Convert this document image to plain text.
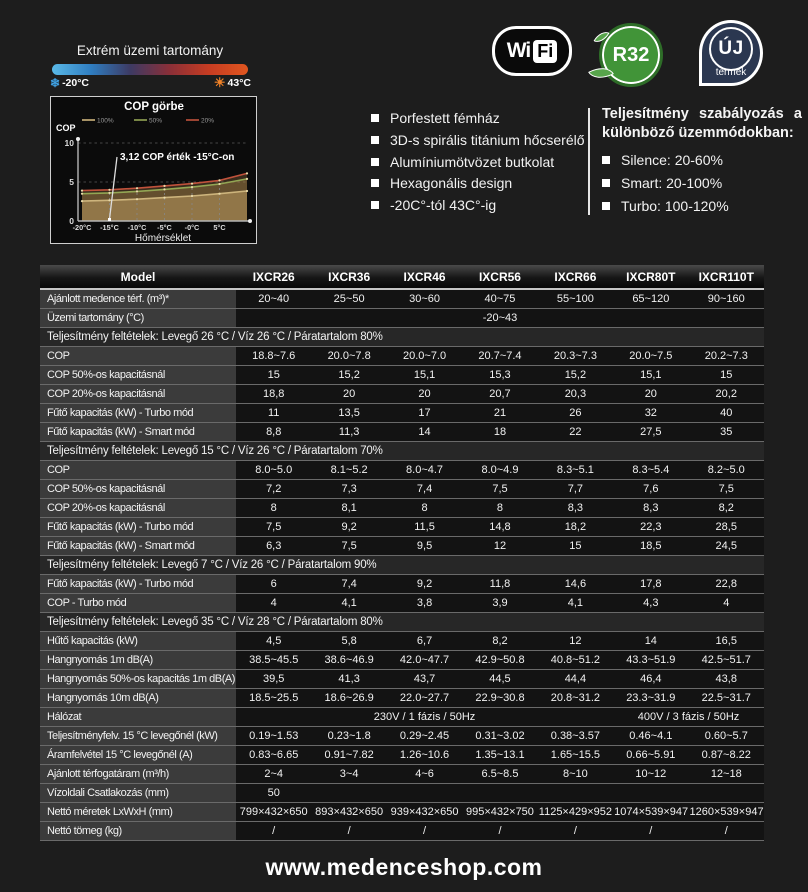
Extrém üzemi tartomány
❄ -20°C	☀ 43°C
COP görbe
100%	50%	20%
0
5
10
COP
-20°C -15°C -10°C -5°C -0°C 5°C
Hőmérséklet
3,12 COP érték -15°C-on
Porfestett fémház
3D-s spirális titánium hőcserélő
Alumíniumötvözet butkolat
Hexagonális design
-20C°-tól 43C°-ig
Teljesítmény szabályozás a
különböző üzemmódokban:
Silence: 20-60%
Smart: 20-100%
Turbo: 100-120%
Wi Fi	R32	ÚJ
termék
Model	IXCR26	IXCR36	IXCR46	IXCR56	IXCR66	IXCR80T	IXCR110T
Ajánlott medence térf. (m³)*	20~40	25~50	30~60	40~75	55~100	65~120	90~160
Üzemi tartomány (°C)	-20~43						
Teljesítmény feltételek: Levegő 26 °C / Víz 26 °C / Páratartalom 80%							
COP	18.8~7.6	20.0~7.8	20.0~7.0	20.7~7.4	20.3~7.3	20.0~7.5	20.2~7.3
COP 50%-os kapacitásnál	15	15,2	15,1	15,3	15,2	15,1	15
COP 20%-os kapacitásnál	18,8	20	20	20,7	20,3	20	20,2
Fűtő kapacitás (kW) - Turbo mód	11	13,5	17	21	26	32	40
Fűtő kapacitás (kW) - Smart mód	8,8	11,3	14	18	22	27,5	35
Teljesítmény feltételek: Levegő 15 °C / Víz 26 °C / Páratartalom 70%							
COP	8.0~5.0	8.1~5.2	8.0~4.7	8.0~4.9	8.3~5.1	8.3~5.4	8.2~5.0
COP 50%-os kapacitásnál	7,2	7,3	7,4	7,5	7,7	7,6	7,5
COP 20%-os kapacitásnál	8	8,1	8	8	8,3	8,3	8,2
Fűtő kapacitás (kW) - Turbo mód	7,5	9,2	11,5	14,8	18,2	22,3	28,5
Fűtő kapacitás (kW) - Smart mód	6,3	7,5	9,5	12	15	18,5	24,5
Teljesítmény feltételek: Levegő 7 °C / Víz 26 °C / Páratartalom 90%							
Fűtő kapacitás (kW) - Turbo mód	6	7,4	9,2	11,8	14,6	17,8	22,8
COP - Turbo mód	4	4,1	3,8	3,9	4,1	4,3	4
Teljesítmény feltételek: Levegő 35 °C / Víz 28 °C / Páratartalom 80%							
Hűtő kapacitás (kW)	4,5	5,8	6,7	8,2	12	14	16,5
Hangnyomás 1m dB(A)	38.5~45.5	38.6~46.9	42.0~47.7	42.9~50.8	40.8~51.2	43.3~51.9	42.5~51.7
Hangnyomás 50%-os kapacitás 1m dB(A)	39,5	41,3	43,7	44,5	44,4	46,4	43,8
Hangnyomás 10m dB(A)	18.5~25.5	18.6~26.9	22.0~27.7	22.9~30.8	20.8~31.2	23.3~31.9	22.5~31.7
Hálózat	230V / 1 fázis / 50Hz					400V / 3 fázis / 50Hz	
Teljesítményfelv. 15 °C levegőnél (kW)	0.19~1.53	0.23~1.8	0.29~2.45	0.31~3.02	0.38~3.57	0.46~4.1	0.60~5.7
Áramfelvétel 15 °C levegőnél (A)	0.83~6.65	0.91~7.82	1.26~10.6	1.35~13.1	1.65~15.5	0.66~5.91	0.87~8.22
Ajánlott térfogatáram (m³/h)	2~4	3~4	4~6	6.5~8.5	8~10	10~12	12~18
Vízoldali Csatlakozás (mm)	50						
Nettó méretek LxWxH (mm)	799×432×650	893×432×650	939×432×650	995×432×750	1125×429×952	1074×539×947	1260×539×947
Nettó tömeg (kg)	/	/	/	/	/	/	/
www.medenceshop.com
